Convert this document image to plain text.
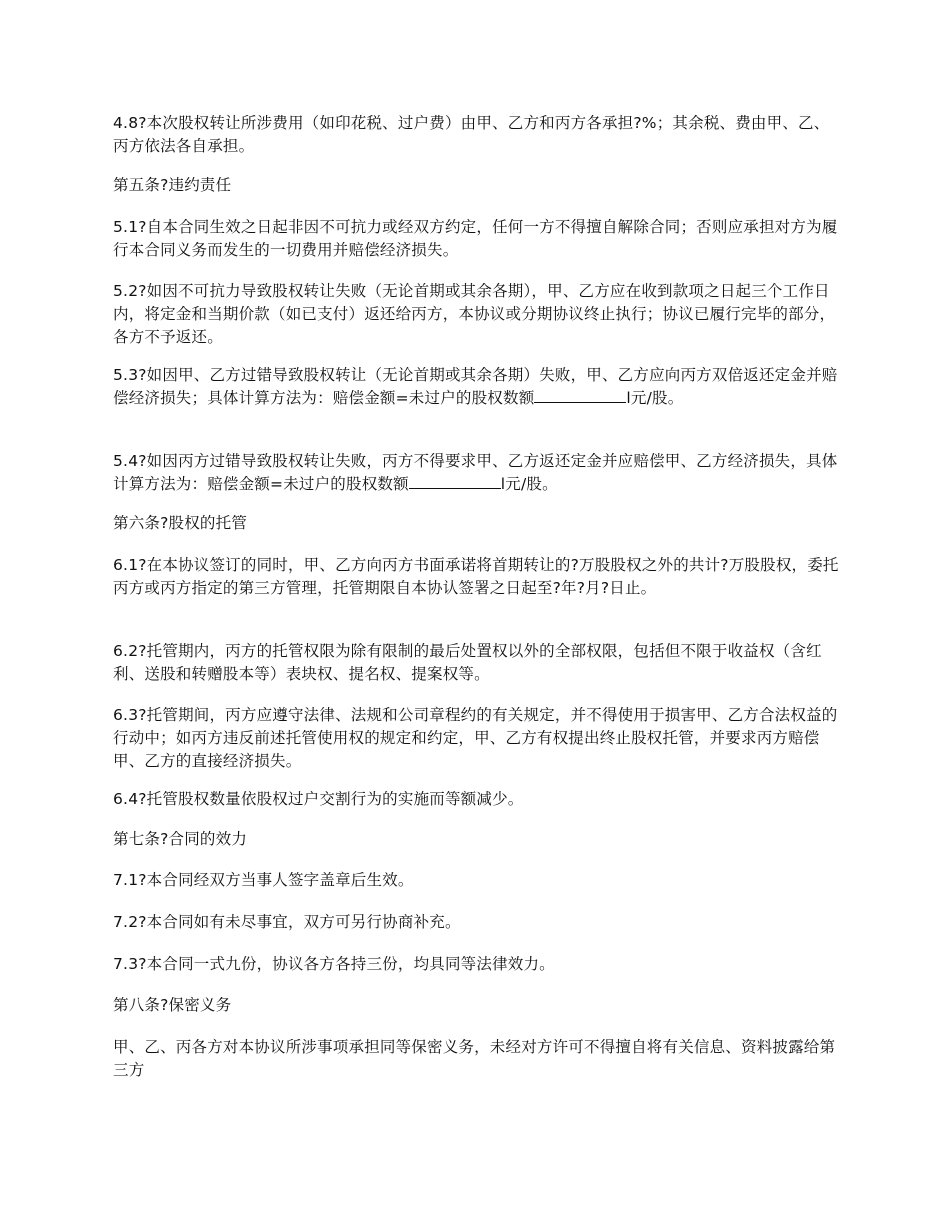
4.8?本次股权转让所涉费用（如印花税、过户费）由甲、乙方和丙方各承担?%；其余税、费由甲、乙、丙方依法各自承担。

第五条?违约责任

5.1?自本合同生效之日起非因不可抗力或经双方约定，任何一方不得擅自解除合同；否则应承担对方为履行本合同义务而发生的一切费用并赔偿经济损失。

5.2?如因不可抗力导致股权转让失败（无论首期或其余各期），甲、乙方应在收到款项之日起三个工作日内，将定金和当期价款（如已支付）返还给丙方，本协议或分期协议终止执行；协议已履行完毕的部分，各方不予返还。

5.3?如因甲、乙方过错导致股权转让（无论首期或其余各期）失败，甲、乙方应向丙方双倍返还定金并赔偿经济损失；具体计算方法为：赔偿金额=未过户的股权数额	l元/股。

5.4?如因丙方过错导致股权转让失败，丙方不得要求甲、乙方返还定金并应赔偿甲、乙方经济损失，具体计算方法为：赔偿金额=未过户的股权数额	l元/股。

第六条?股权的托管

6.1?在本协议签订的同时，甲、乙方向丙方书面承诺将首期转让的?万股股权之外的共计?万股股权，委托丙方或丙方指定的第三方管理，托管期限自本协认签署之日起至?年?月?日止。

6.2?托管期内，丙方的托管权限为除有限制的最后处置权以外的全部权限，包括但不限于收益权（含红利、送股和转赠股本等）表块权、提名权、提案权等。

6.3?托管期间，丙方应遵守法律、法规和公司章程约的有关规定，并不得使用于损害甲、乙方合法权益的行动中；如丙方违反前述托管使用权的规定和约定，甲、乙方有权提出终止股权托管，并要求丙方赔偿甲、乙方的直接经济损失。

6.4?托管股权数量依股权过户交割行为的实施而等额减少。

第七条?合同的效力

7.1?本合同经双方当事人签字盖章后生效。

7.2?本合同如有未尽事宜，双方可另行协商补充。

7.3?本合同一式九份，协议各方各持三份，均具同等法律效力。

第八条?保密义务

甲、乙、丙各方对本协议所涉事项承担同等保密义务，未经对方许可不得擅自将有关信息、资料披露给第三方
